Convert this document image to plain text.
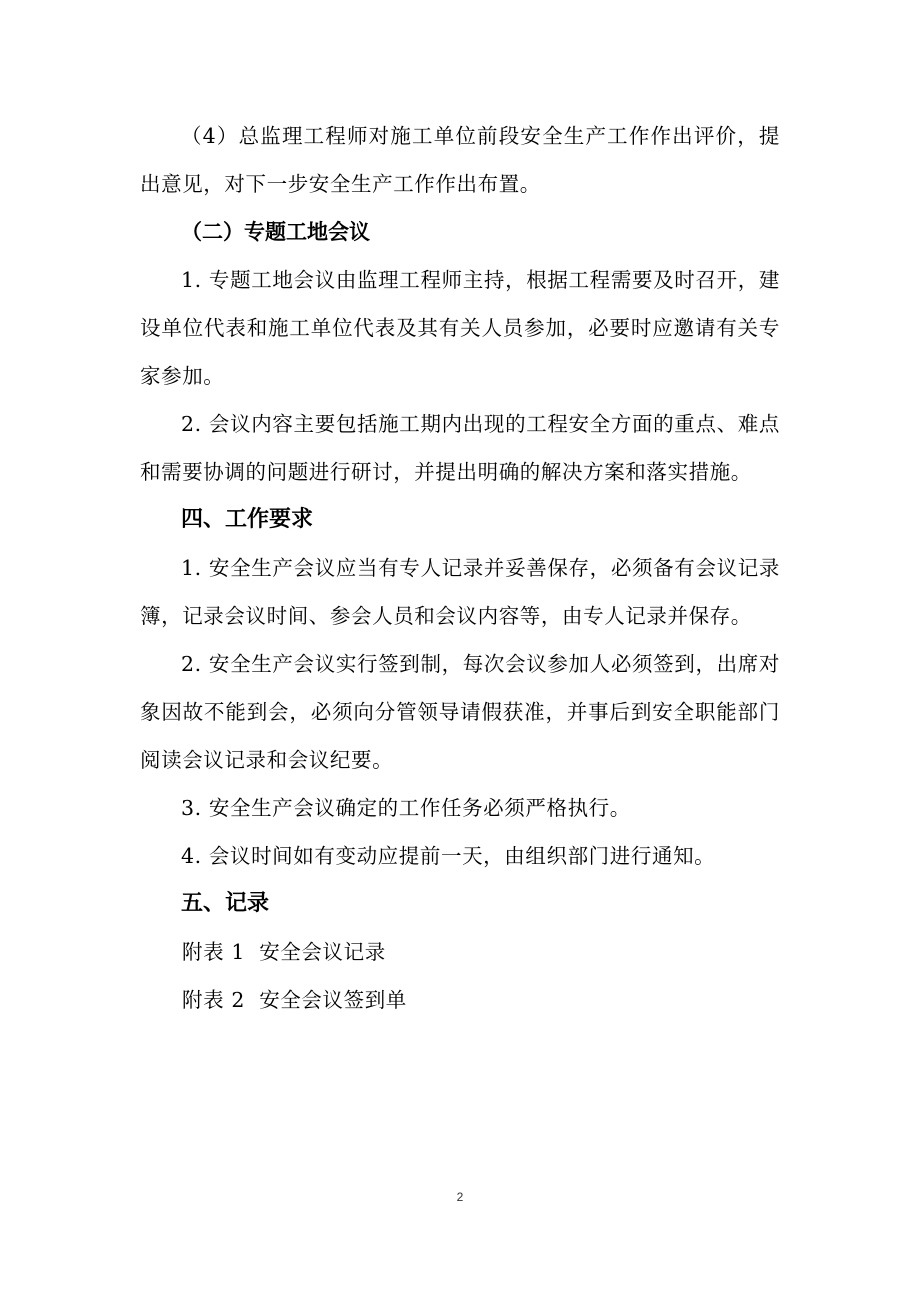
（4）总监理工程师对施工单位前段安全生产工作作出评价，提出意见，对下一步安全生产工作作出布置。

（二）专题工地会议

1. 专题工地会议由监理工程师主持，根据工程需要及时召开，建设单位代表和施工单位代表及其有关人员参加，必要时应邀请有关专家参加。

2. 会议内容主要包括施工期内出现的工程安全方面的重点、难点和需要协调的问题进行研讨，并提出明确的解决方案和落实措施。

四、工作要求

1. 安全生产会议应当有专人记录并妥善保存，必须备有会议记录簿，记录会议时间、参会人员和会议内容等，由专人记录并保存。

2. 安全生产会议实行签到制，每次会议参加人必须签到，出席对象因故不能到会，必须向分管领导请假获准，并事后到安全职能部门阅读会议记录和会议纪要。

3. 安全生产会议确定的工作任务必须严格执行。

4. 会议时间如有变动应提前一天，由组织部门进行通知。

五、记录

附表 1  安全会议记录

附表 2  安全会议签到单

2
